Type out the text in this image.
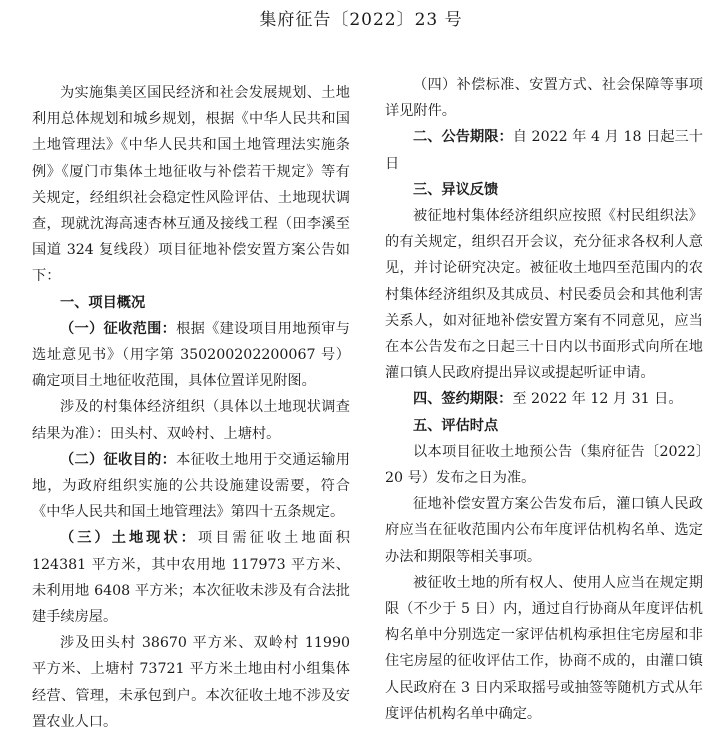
集府征告〔2022〕23 号

为实施集美区国民经济和社会发展规划、土地利用总体规划和城乡规划，根据《中华人民共和国土地管理法》《中华人民共和国土地管理法实施条例》《厦门市集体土地征收与补偿若干规定》等有关规定，经组织社会稳定性风险评估、土地现状调查，现就沈海高速杏林互通及接线工程（田李溪至国道 324 复线段）项目征地补偿安置方案公告如下：

一、项目概况

（一）征收范围：根据《建设项目用地预审与选址意见书》（用字第 350200202200067 号）确定项目土地征收范围，具体位置详见附图。

涉及的村集体经济组织（具体以土地现状调查结果为准）：田头村、双岭村、上塘村。

（二）征收目的：本征收土地用于交通运输用地，为政府组织实施的公共设施建设需要，符合《中华人民共和国土地管理法》第四十五条规定。

（三）土地现状：项目需征收土地面积 124381 平方米，其中农用地 117973 平方米、未利用地 6408 平方米；本次征收未涉及有合法批建手续房屋。

涉及田头村 38670 平方米、双岭村 11990 平方米、上塘村 73721 平方米土地由村小组集体经营、管理，未承包到户。本次征收土地不涉及安置农业人口。

（四）补偿标准、安置方式、社会保障等事项详见附件。

二、公告期限：自 2022 年 4 月 18 日起三十日

三、异议反馈

被征地村集体经济组织应按照《村民组织法》的有关规定，组织召开会议，充分征求各权利人意见，并讨论研究决定。被征收土地四至范围内的农村集体经济组织及其成员、村民委员会和其他利害关系人，如对征地补偿安置方案有不同意见，应当在本公告发布之日起三十日内以书面形式向所在地灌口镇人民政府提出异议或提起听证申请。

四、签约期限：至 2022 年 12 月 31 日。

五、评估时点

以本项目征收土地预公告（集府征告〔2022〕20 号）发布之日为准。

征地补偿安置方案公告发布后，灌口镇人民政府应当在征收范围内公布年度评估机构名单、选定办法和期限等相关事项。

被征收土地的所有权人、使用人应当在规定期限（不少于 5 日）内，通过自行协商从年度评估机构名单中分别选定一家评估机构承担住宅房屋和非住宅房屋的征收评估工作，协商不成的，由灌口镇人民政府在 3 日内采取摇号或抽签等随机方式从年度评估机构名单中确定。
